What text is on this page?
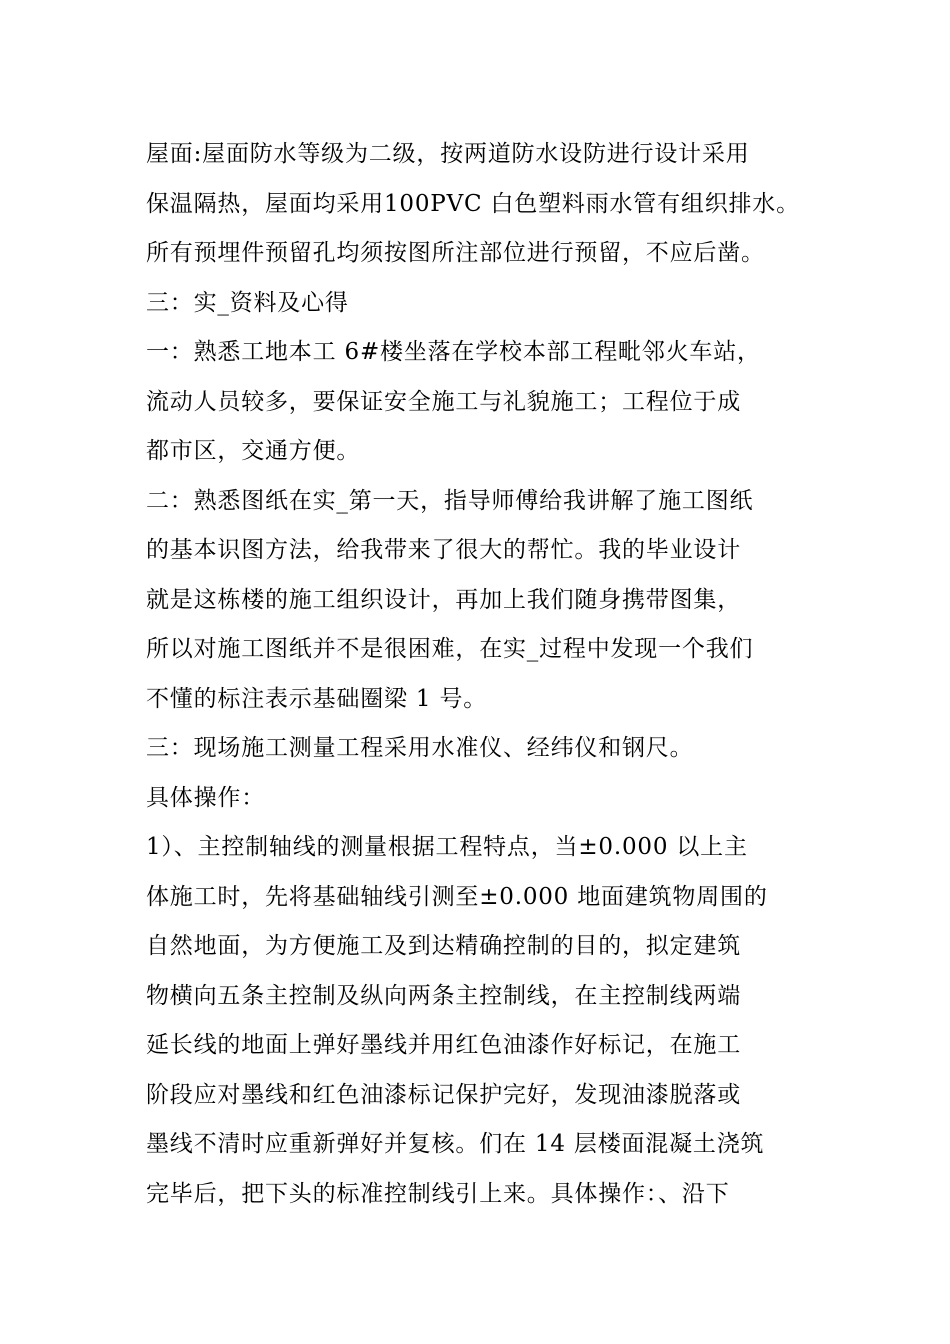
屋面:屋面防水等级为二级，按两道防水设防进行设计采用
保温隔热，屋面均采用100PVC 白色塑料雨水管有组织排水。
所有预埋件预留孔均须按图所注部位进行预留，不应后凿。
三：实_资料及心得
一：熟悉工地本工 6#楼坐落在学校本部工程毗邻火车站，
流动人员较多，要保证安全施工与礼貌施工；工程位于成
都市区，交通方便。
二：熟悉图纸在实_第一天，指导师傅给我讲解了施工图纸
的基本识图方法，给我带来了很大的帮忙。我的毕业设计
就是这栋楼的施工组织设计，再加上我们随身携带图集，
所以对施工图纸并不是很困难，在实_过程中发现一个我们
不懂的标注表示基础圈梁 1 号。
三：现场施工测量工程采用水准仪、经纬仪和钢尺。
具体操作：
1）、主控制轴线的测量根据工程特点，当±0.000 以上主
体施工时，先将基础轴线引测至±0.000 地面建筑物周围的
自然地面，为方便施工及到达精确控制的目的，拟定建筑
物横向五条主控制及纵向两条主控制线，在主控制线两端
延长线的地面上弹好墨线并用红色油漆作好标记，在施工
阶段应对墨线和红色油漆标记保护完好，发现油漆脱落或
墨线不清时应重新弹好并复核。们在 14 层楼面混凝土浇筑
完毕后，把下头的标准控制线引上来。具体操作：、沿下
